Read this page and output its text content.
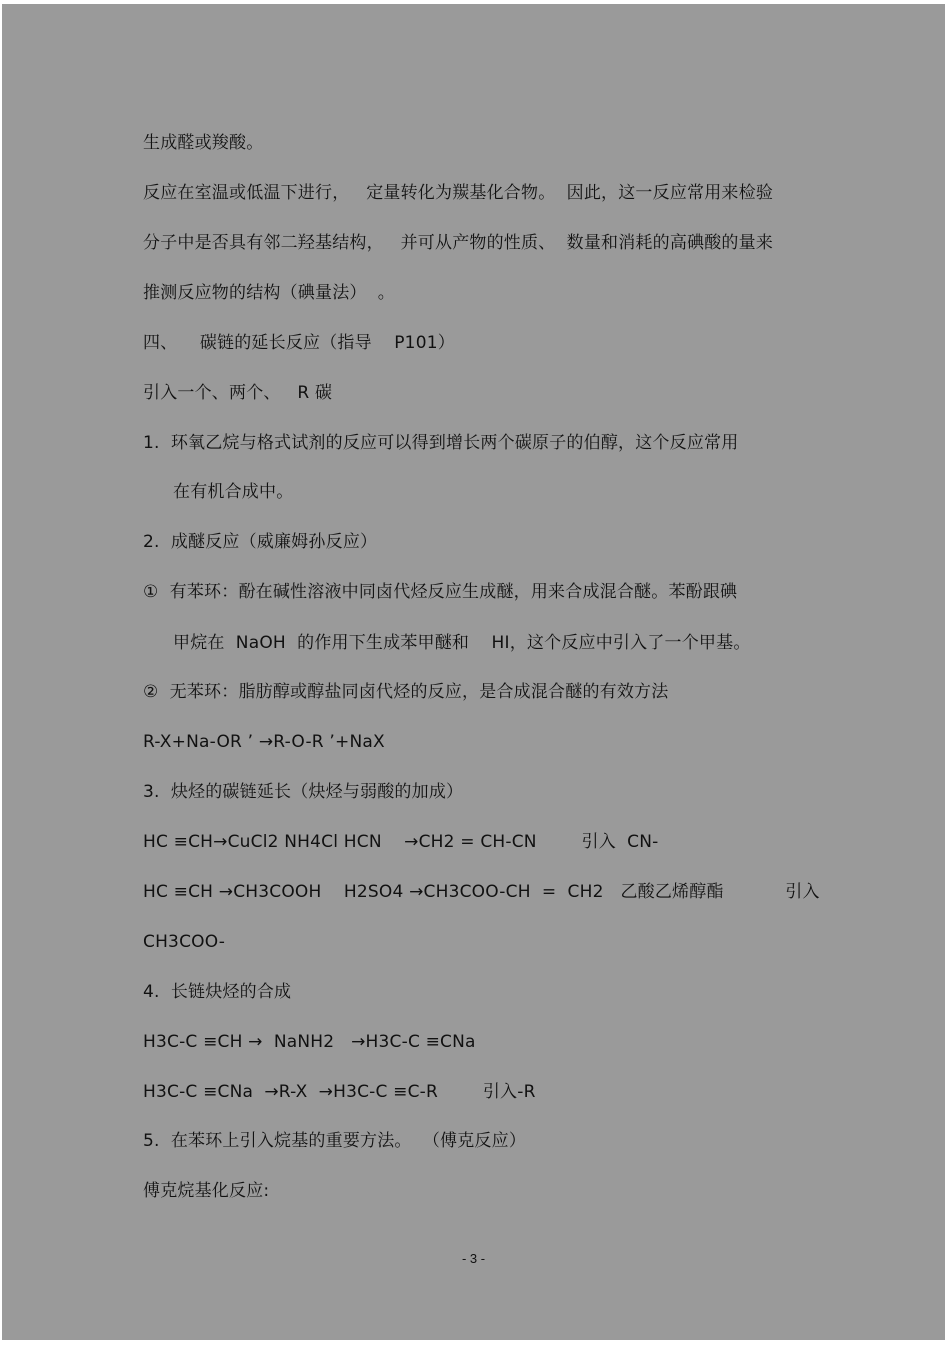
生成醛或羧酸。
反应在室温或低温下进行，   定量转化为羰基化合物。  因此，这一反应常用来检验
分子中是否具有邻二羟基结构，   并可从产物的性质、  数量和消耗的高碘酸的量来
推测反应物的结构（碘量法）  。
四、    碳链的延长反应（指导    P101）
引入一个、两个、   R 碳
1.  环氧乙烷与格式试剂的反应可以得到增长两个碳原子的伯醇，这个反应常用
在有机合成中。
2.  成醚反应（威廉姆孙反应）
①  有苯环：酚在碱性溶液中同卤代烃反应生成醚，用来合成混合醚。苯酚跟碘
甲烷在  NaOH  的作用下生成苯甲醚和    HI，这个反应中引入了一个甲基。
②  无苯环：脂肪醇或醇盐同卤代烃的反应，是合成混合醚的有效方法
R-X+Na-OR ’ →R-O-R ’+NaX
3.  炔烃的碳链延长（炔烃与弱酸的加成）
HC ≡CH→CuCl2 NH4Cl HCN    →CH2 = CH-CN        引入  CN-
HC ≡CH →CH3COOH    H2SO4 →CH3COO-CH  =  CH2   乙酸乙烯醇酯           引入
CH3COO-
4.  长链炔烃的合成
H3C-C ≡CH →  NaNH2   →H3C-C ≡CNa
H3C-C ≡CNa  →R-X  →H3C-C ≡C-R        引入-R
5.  在苯环上引入烷基的重要方法。  （傅克反应）
傅克烷基化反应:
- 3 -
